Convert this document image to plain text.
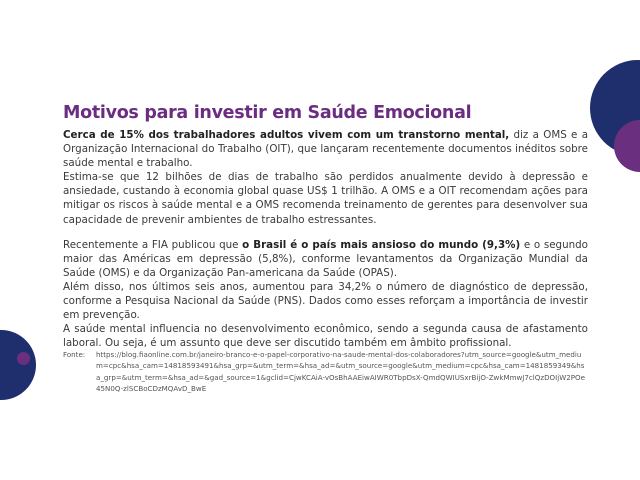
Motivos para investir em Saúde Emocional

Cerca de 15% dos trabalhadores adultos vivem com um transtorno mental, diz a OMS e a Organização Internacional do Trabalho (OIT), que lançaram recentemente documentos inéditos sobre saúde mental e trabalho.

Estima-se que 12 bilhões de dias de trabalho são perdidos anualmente devido à depressão e ansiedade, custando à economia global quase US$ 1 trilhão. A OMS e a OIT recomendam ações para mitigar os riscos à saúde mental e a OMS recomenda treinamento de gerentes para desenvolver sua capacidade de prevenir ambientes de trabalho estressantes.

Recentemente a FIA publicou que o Brasil é o país mais ansioso do mundo (9,3%) e o segundo maior das Américas em depressão (5,8%), conforme levantamentos da Organização Mundial da Saúde (OMS) e da Organização Pan-americana da Saúde (OPAS).

Além disso, nos últimos seis anos, aumentou para 34,2% o número de diagnóstico de depressão, conforme a Pesquisa Nacional da Saúde (PNS). Dados como esses reforçam a importância de investir em prevenção.

A saúde mental influencia no desenvolvimento econômico, sendo a segunda causa de afastamento laboral. Ou seja, é um assunto que deve ser discutido também em âmbito profissional.

Fonte:	https://blog.fiaonline.com.br/janeiro-branco-e-o-papel-corporativo-na-saude-mental-dos-colaboradores?utm_source=google&utm_medium=cpc&hsa_cam=14818593491&hsa_grp=&utm_term=&hsa_ad=&utm_source=google&utm_medium=cpc&hsa_cam=1481859349&hsa_grp=&utm_term=&hsa_ad=&gad_source=1&gclid=CjwKCAiA-vOsBhAAEiwAIWR0TbpDsX-QmdQWIUSxrBijO-ZwkMmwJ7clQzDOIjW2POe45N0Q-zlSCBoCDzMQAvD_BwE
